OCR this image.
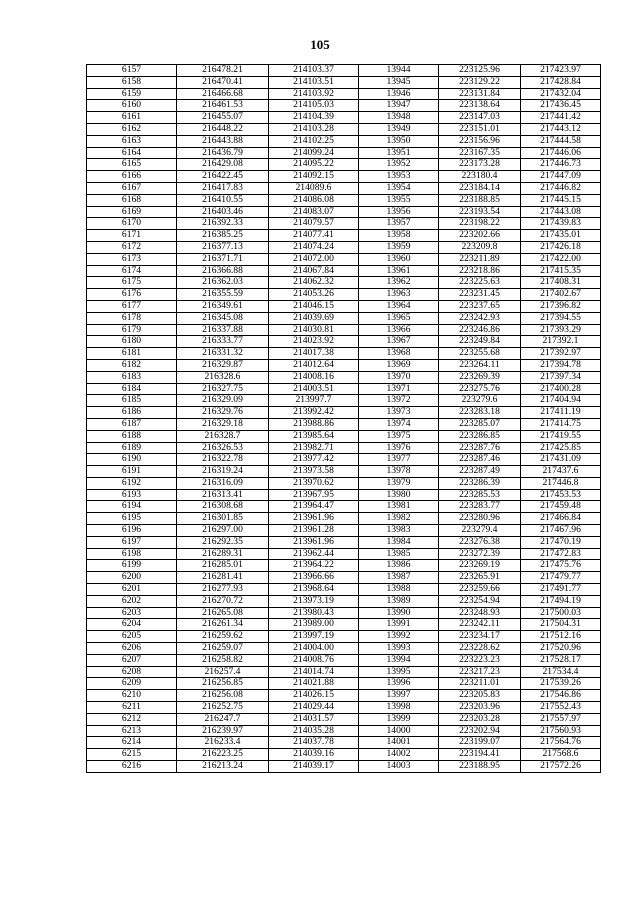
105
6157	216478.21	214103.37	13944	223125.96	217423.97
6158	216470.41	214103.51	13945	223129.22	217428.84
6159	216466.68	214103.92	13946	223131.84	217432.04
6160	216461.53	214105.03	13947	223138.64	217436.45
6161	216455.07	214104.39	13948	223147.03	217441.42
6162	216448.22	214103.28	13949	223151.01	217443.12
6163	216443.88	214102.25	13950	223156.96	217444.58
6164	216436.79	214099.24	13951	223167.35	217446.06
6165	216429.08	214095.22	13952	223173.28	217446.73
6166	216422.45	214092.15	13953	223180.4	217447.09
6167	216417.83	214089.6	13954	223184.14	217446.82
6168	216410.55	214086.08	13955	223188.85	217445.15
6169	216403.46	214083.07	13956	223193.54	217443.08
6170	216392.33	214079.57	13957	223198.22	217439.83
6171	216385.25	214077.41	13958	223202.66	217435.01
6172	216377.13	214074.24	13959	223209.8	217426.18
6173	216371.71	214072.00	13960	223211.89	217422.00
6174	216366.88	214067.84	13961	223218.86	217415.35
6175	216362.03	214062.32	13962	223225.63	217408.31
6176	216355.59	214053.26	13963	223231.45	217402.67
6177	216349.61	214046.15	13964	223237.65	217396.82
6178	216345.08	214039.69	13965	223242.93	217394.55
6179	216337.88	214030.81	13966	223246.86	217393.29
6180	216333.77	214023.92	13967	223249.84	217392.1
6181	216331.32	214017.38	13968	223255.68	217392.97
6182	216329.87	214012.64	13969	223264.11	217394.78
6183	216328.6	214008.16	13970	223269.39	217397.34
6184	216327.75	214003.51	13971	223275.76	217400.28
6185	216329.09	213997.7	13972	223279.6	217404.94
6186	216329.76	213992.42	13973	223283.18	217411.19
6187	216329.18	213988.86	13974	223285.07	217414.75
6188	216328.7	213985.64	13975	223286.85	217419.55
6189	216326.53	213982.71	13976	223287.76	217425.85
6190	216322.78	213977.42	13977	223287.46	217431.09
6191	216319.24	213973.58	13978	223287.49	217437.6
6192	216316.09	213970.62	13979	223286.39	217446.8
6193	216313.41	213967.95	13980	223285.53	217453.53
6194	216308.68	213964.47	13981	223283.77	217459.48
6195	216301.85	213961.96	13982	223280.96	217466.84
6196	216297.00	213961.28	13983	223279.4	217467.96
6197	216292.35	213961.96	13984	223276.38	217470.19
6198	216289.31	213962.44	13985	223272.39	217472.83
6199	216285.01	213964.22	13986	223269.19	217475.76
6200	216281.41	213966.66	13987	223265.91	217479.77
6201	216277.93	213968.64	13988	223259.66	217491.77
6202	216270.72	213973.19	13989	223254.94	217494.19
6203	216265.08	213980.43	13990	223248.93	217500.03
6204	216261.34	213989.00	13991	223242.11	217504.31
6205	216259.62	213997.19	13992	223234.17	217512.16
6206	216259.07	214004.00	13993	223228.62	217520.96
6207	216258.82	214008.76	13994	223223.23	217528.17
6208	216257.4	214014.74	13995	223217.23	217534.4
6209	216256.85	214021.88	13996	223211.01	217539.26
6210	216256.08	214026.15	13997	223205.83	217546.86
6211	216252.75	214029.44	13998	223203.96	217552.43
6212	216247.7	214031.57	13999	223203.28	217557.97
6213	216239.97	214035.28	14000	223202.94	217560.93
6214	216233.4	214037.78	14001	223199.07	217564.76
6215	216223.25	214039.16	14002	223194.41	217568.6
6216	216213.24	214039.17	14003	223188.95	217572.26
